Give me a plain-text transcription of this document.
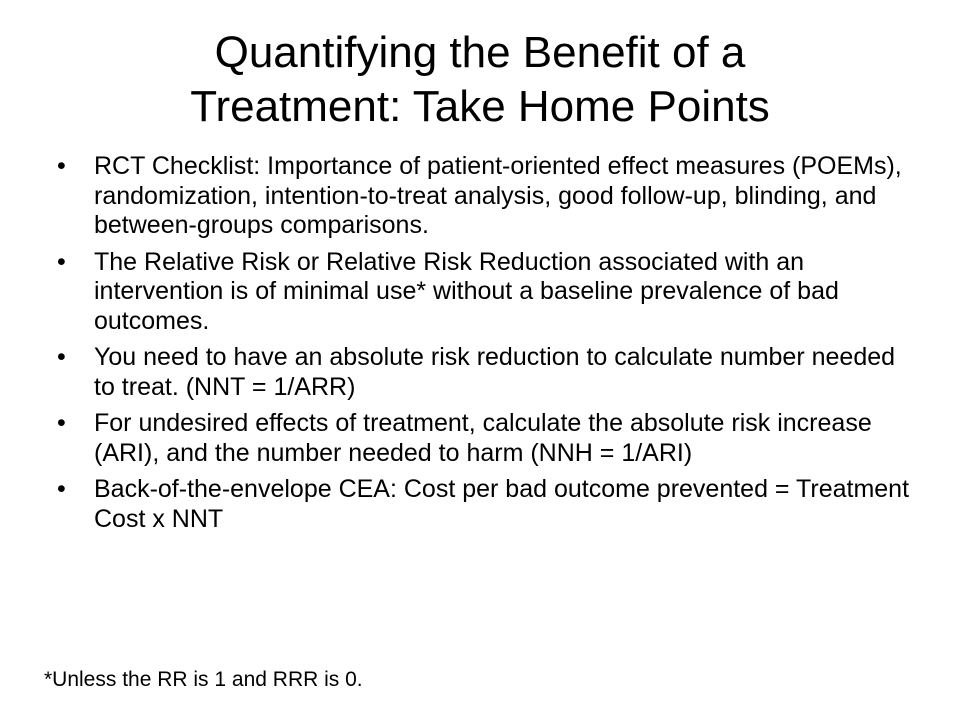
Quantifying the Benefit of a
Treatment: Take Home Points
• RCT Checklist: Importance of patient-oriented effect measures (POEMs), randomization, intention-to-treat analysis, good follow-up, blinding, and between-groups comparisons.
• The Relative Risk or Relative Risk Reduction associated with an intervention is of minimal use* without a baseline prevalence of bad outcomes.
• You need to have an absolute risk reduction to calculate number needed to treat. (NNT = 1/ARR)
• For undesired effects of treatment, calculate the absolute risk increase (ARI), and the number needed to harm (NNH = 1/ARI)
• Back-of-the-envelope CEA: Cost per bad outcome prevented = Treatment Cost x NNT
*Unless the RR is 1 and RRR is 0.
